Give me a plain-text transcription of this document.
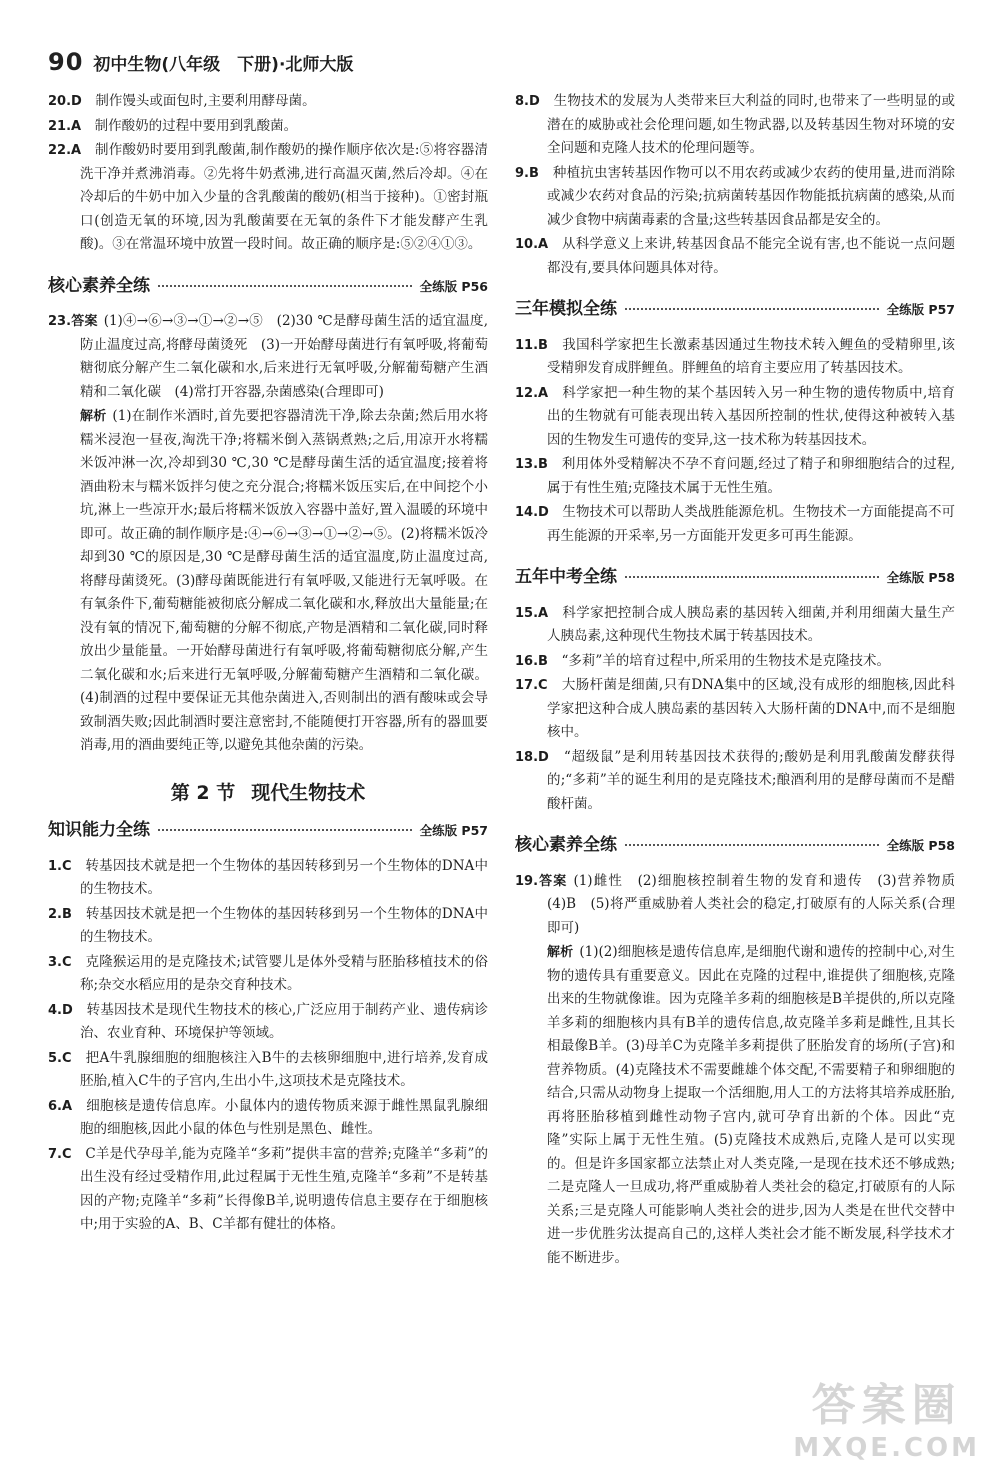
90 初中生物(八年级　下册)·北师大版

20.D　 制作馒头或面包时,主要利用酵母菌。

21.A　 制作酸奶的过程中要用到乳酸菌。

22.A　 制作酸奶时要用到乳酸菌,制作酸奶的操作顺序依次是:⑤将容器清洗干净并煮沸消毒。②先将牛奶煮沸,进行高温灭菌,然后冷却。④在冷却后的牛奶中加入少量的含乳酸菌的酸奶(相当于接种)。①密封瓶口(创造无氧的环境,因为乳酸菌要在无氧的条件下才能发酵产生乳酸)。③在常温环境中放置一段时间。故正确的顺序是:⑤②④①③。

核心素养全练	全练版 P56

23.答案 (1)④→⑥→③→①→②→⑤　(2)30 ℃是酵母菌生活的适宜温度,防止温度过高,将酵母菌烫死　(3)一开始酵母菌进行有氧呼吸,将葡萄糖彻底分解产生二氧化碳和水,后来进行无氧呼吸,分解葡萄糖产生酒精和二氧化碳　(4)常打开容器,杂菌感染(合理即可)

解析 (1)在制作米酒时,首先要把容器清洗干净,除去杂菌;然后用水将糯米浸泡一昼夜,淘洗干净;将糯米倒入蒸锅煮熟;之后,用凉开水将糯米饭冲淋一次,冷却到30 ℃,30 ℃是酵母菌生活的适宜温度;接着将酒曲粉末与糯米饭拌匀使之充分混合;将糯米饭压实后,在中间挖个小坑,淋上一些凉开水;最后将糯米饭放入容器中盖好,置入温暖的环境中即可。故正确的制作顺序是:④→⑥→③→①→②→⑤。(2)将糯米饭冷却到30 ℃的原因是,30 ℃是酵母菌生活的适宜温度,防止温度过高,将酵母菌烫死。(3)酵母菌既能进行有氧呼吸,又能进行无氧呼吸。在有氧条件下,葡萄糖能被彻底分解成二氧化碳和水,释放出大量能量;在没有氧的情况下,葡萄糖的分解不彻底,产物是酒精和二氧化碳,同时释放出少量能量。一开始酵母菌进行有氧呼吸,将葡萄糖彻底分解,产生二氧化碳和水;后来进行无氧呼吸,分解葡萄糖产生酒精和二氧化碳。(4)制酒的过程中要保证无其他杂菌进入,否则制出的酒有酸味或会导致制酒失败;因此制酒时要注意密封,不能随便打开容器,所有的器皿要消毒,用的酒曲要纯正等,以避免其他杂菌的污染。

第 2 节 现代生物技术
知识能力全练	全练版 P57

1.C　 转基因技术就是把一个生物体的基因转移到另一个生物体的DNA中的生物技术。

2.B　 转基因技术就是把一个生物体的基因转移到另一个生物体的DNA中的生物技术。

3.C　 克隆猴运用的是克隆技术;试管婴儿是体外受精与胚胎移植技术的俗称;杂交水稻应用的是杂交育种技术。

4.D　 转基因技术是现代生物技术的核心,广泛应用于制药产业、遗传病诊治、农业育种、环境保护等领域。

5.C　 把A牛乳腺细胞的细胞核注入B牛的去核卵细胞中,进行培养,发育成胚胎,植入C牛的子宫内,生出小牛,这项技术是克隆技术。

6.A　 细胞核是遗传信息库。小鼠体内的遗传物质来源于雌性黑鼠乳腺细胞的细胞核,因此小鼠的体色与性别是黑色、雌性。

7.C　 C羊是代孕母羊,能为克隆羊“多莉”提供丰富的营养;克隆羊“多莉”的出生没有经过受精作用,此过程属于无性生殖,克隆羊“多莉”不是转基因的产物;克隆羊“多莉”长得像B羊,说明遗传信息主要存在于细胞核中;用于实验的A、B、C羊都有健壮的体格。

8.D　 生物技术的发展为人类带来巨大利益的同时,也带来了一些明显的或潜在的威胁或社会伦理问题,如生物武器,以及转基因生物对环境的安全问题和克隆人技术的伦理问题等。

9.B　 种植抗虫害转基因作物可以不用农药或减少农药的使用量,进而消除或减少农药对食品的污染;抗病菌转基因作物能抵抗病菌的感染,从而减少食物中病菌毒素的含量;这些转基因食品都是安全的。

10.A　 从科学意义上来讲,转基因食品不能完全说有害,也不能说一点问题都没有,要具体问题具体对待。

三年模拟全练	全练版 P57

11.B　 我国科学家把生长激素基因通过生物技术转入鲤鱼的受精卵里,该受精卵发育成胖鲤鱼。胖鲤鱼的培育主要应用了转基因技术。

12.A　 科学家把一种生物的某个基因转入另一种生物的遗传物质中,培育出的生物就有可能表现出转入基因所控制的性状,使得这种被转入基因的生物发生可遗传的变异,这一技术称为转基因技术。

13.B　 利用体外受精解决不孕不育问题,经过了精子和卵细胞结合的过程,属于有性生殖;克隆技术属于无性生殖。

14.D　 生物技术可以帮助人类战胜能源危机。生物技术一方面能提高不可再生能源的开采率,另一方面能开发更多可再生能源。

五年中考全练	全练版 P58

15.A　 科学家把控制合成人胰岛素的基因转入细菌,并利用细菌大量生产人胰岛素,这种现代生物技术属于转基因技术。

16.B　 “多莉”羊的培育过程中,所采用的生物技术是克隆技术。

17.C　 大肠杆菌是细菌,只有DNA集中的区域,没有成形的细胞核,因此科学家把这种合成人胰岛素的基因转入大肠杆菌的DNA中,而不是细胞核中。

18.D　 “超级鼠”是利用转基因技术获得的;酸奶是利用乳酸菌发酵获得的;“多莉”羊的诞生利用的是克隆技术;酿酒利用的是酵母菌而不是醋酸杆菌。

核心素养全练	全练版 P58

19.答案 (1)雌性　(2)细胞核控制着生物的发育和遗传　(3)营养物质　(4)B　(5)将严重威胁着人类社会的稳定,打破原有的人际关系(合理即可)

解析 (1)(2)细胞核是遗传信息库,是细胞代谢和遗传的控制中心,对生物的遗传具有重要意义。因此在克隆的过程中,谁提供了细胞核,克隆出来的生物就像谁。因为克隆羊多莉的细胞核是B羊提供的,所以克隆羊多莉的细胞核内具有B羊的遗传信息,故克隆羊多莉是雌性,且其长相最像B羊。(3)母羊C为克隆羊多莉提供了胚胎发育的场所(子宫)和营养物质。(4)克隆技术不需要雌雄个体交配,不需要精子和卵细胞的结合,只需从动物身上提取一个活细胞,用人工的方法将其培养成胚胎,再将胚胎移植到雌性动物子宫内,就可孕育出新的个体。因此“克隆”实际上属于无性生殖。(5)克隆技术成熟后,克隆人是可以实现的。但是许多国家都立法禁止对人类克隆,一是现在技术还不够成熟;二是克隆人一旦成功,将严重威胁着人类社会的稳定,打破原有的人际关系;三是克隆人可能影响人类社会的进步,因为人类是在世代交替中进一步优胜劣汰提高自己的,这样人类社会才能不断发展,科学技术才能不断进步。

答案圈
MXQE.COM
